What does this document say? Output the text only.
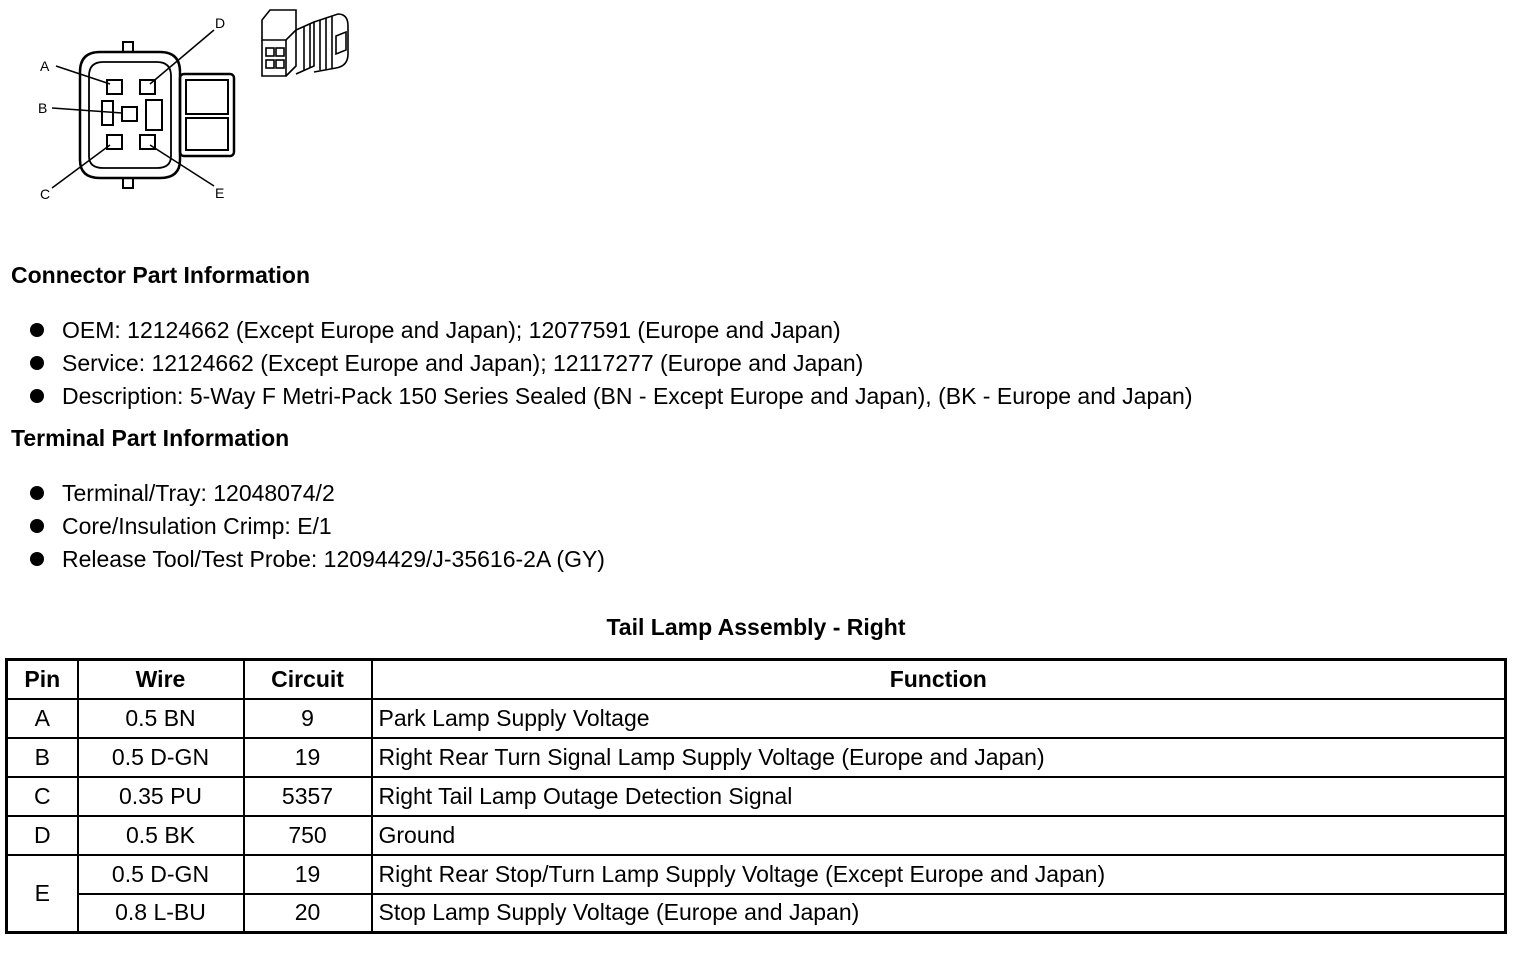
A
B
C
D
E
Connector Part Information
OEM: 12124662 (Except Europe and Japan); 12077591 (Europe and Japan)
Service: 12124662 (Except Europe and Japan); 12117277 (Europe and Japan)
Description: 5-Way F Metri-Pack 150 Series Sealed (BN - Except Europe and Japan), (BK - Europe and Japan)
Terminal Part Information
Terminal/Tray: 12048074/2
Core/Insulation Crimp: E/1
Release Tool/Test Probe: 12094429/J-35616-2A (GY)
Tail Lamp Assembly - Right
Pin	Wire	Circuit	Function
A	0.5 BN	9	Park Lamp Supply Voltage
B	0.5 D-GN	19	Right Rear Turn Signal Lamp Supply Voltage (Europe and Japan)
C	0.35 PU	5357	Right Tail Lamp Outage Detection Signal
D	0.5 BK	750	Ground
E	0.5 D-GN	19	Right Rear Stop/Turn Lamp Supply Voltage (Except Europe and Japan)
	0.8 L-BU	20	Stop Lamp Supply Voltage (Europe and Japan)
